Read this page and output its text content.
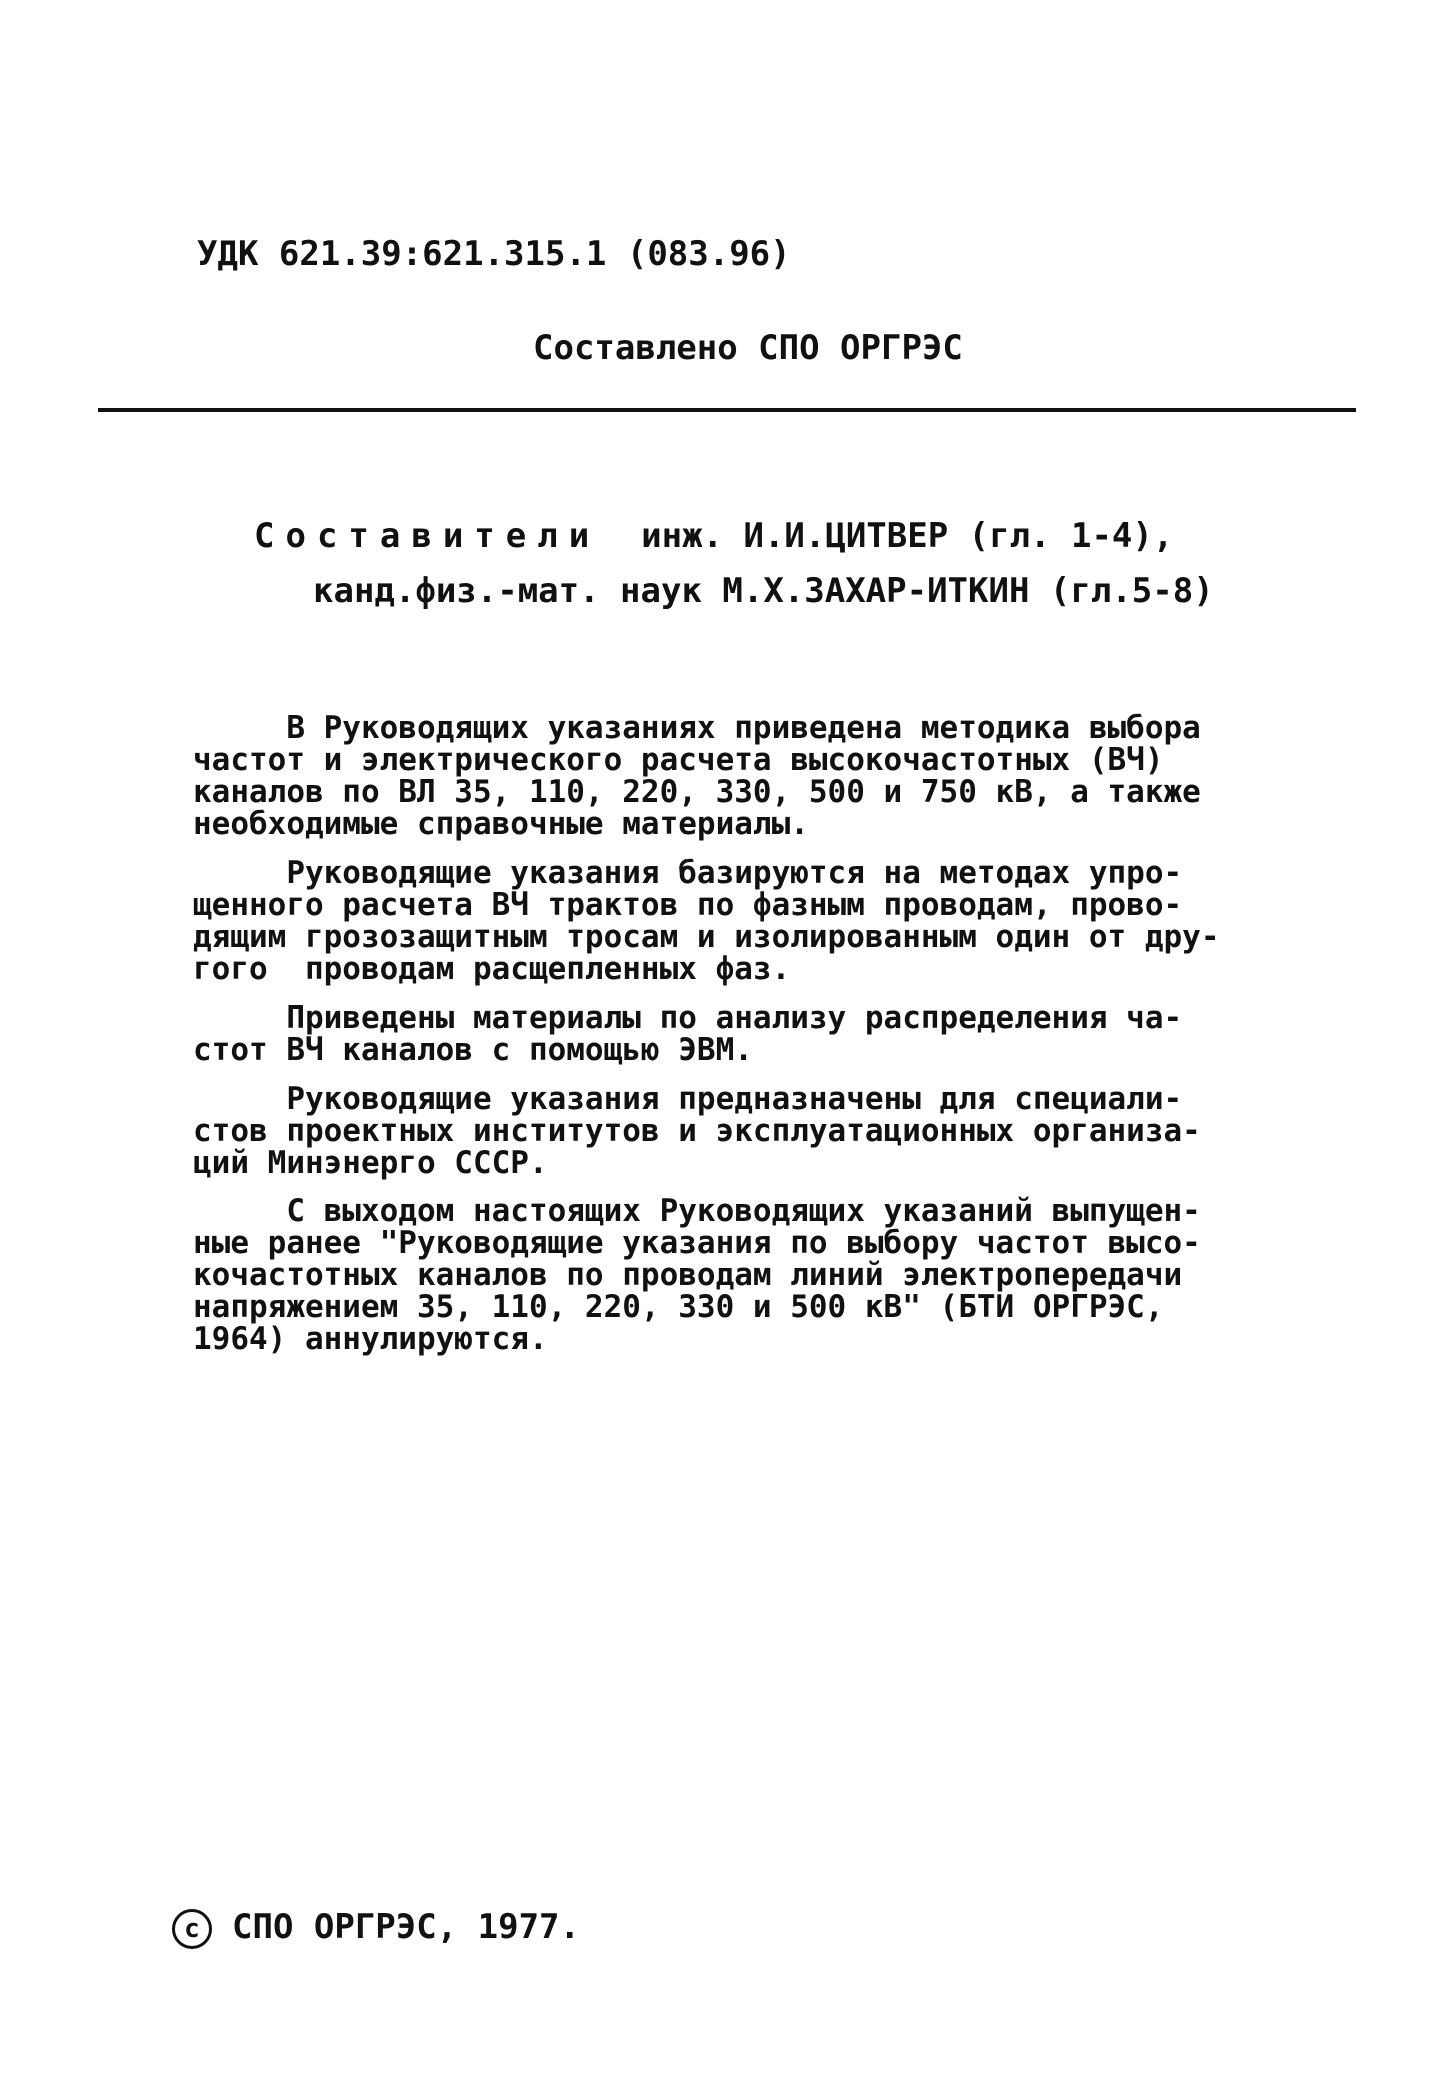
УДК 621.39:621.315.1 (083.96)
Составлено СПО ОРГРЭС
Составители инж. И.И.ЦИТВЕР (гл. 1-4),
канд.физ.-мат. наук М.Х.ЗАХАР-ИТКИН (гл.5-8)
В Руководящих указаниях приведена методика выбора
частот и электрического расчета высокочастотных (ВЧ)
каналов по ВЛ 35, 110, 220, 330, 500 и 750 кВ, а также
необходимые справочные материалы.
Руководящие указания базируются на методах упро-
щенного расчета ВЧ трактов по фазным проводам, прово-
дящим грозозащитным тросам и изолированным один от дру-
гого  проводам расщепленных фаз.
Приведены материалы по анализу распределения ча-
стот ВЧ каналов с помощью ЭВМ.
Руководящие указания предназначены для специали-
стов проектных институтов и эксплуатационных организа-
ций Минэнерго СССР.
С выходом настоящих Руководящих указаний выпущен-
ные ранее "Руководящие указания по выбору частот высо-
кочастотных каналов по проводам линий электропередачи
напряжением 35, 110, 220, 330 и 500 кВ" (БТИ ОРГРЭС,
1964) аннулируются.
c СПО ОРГРЭС, 1977.
